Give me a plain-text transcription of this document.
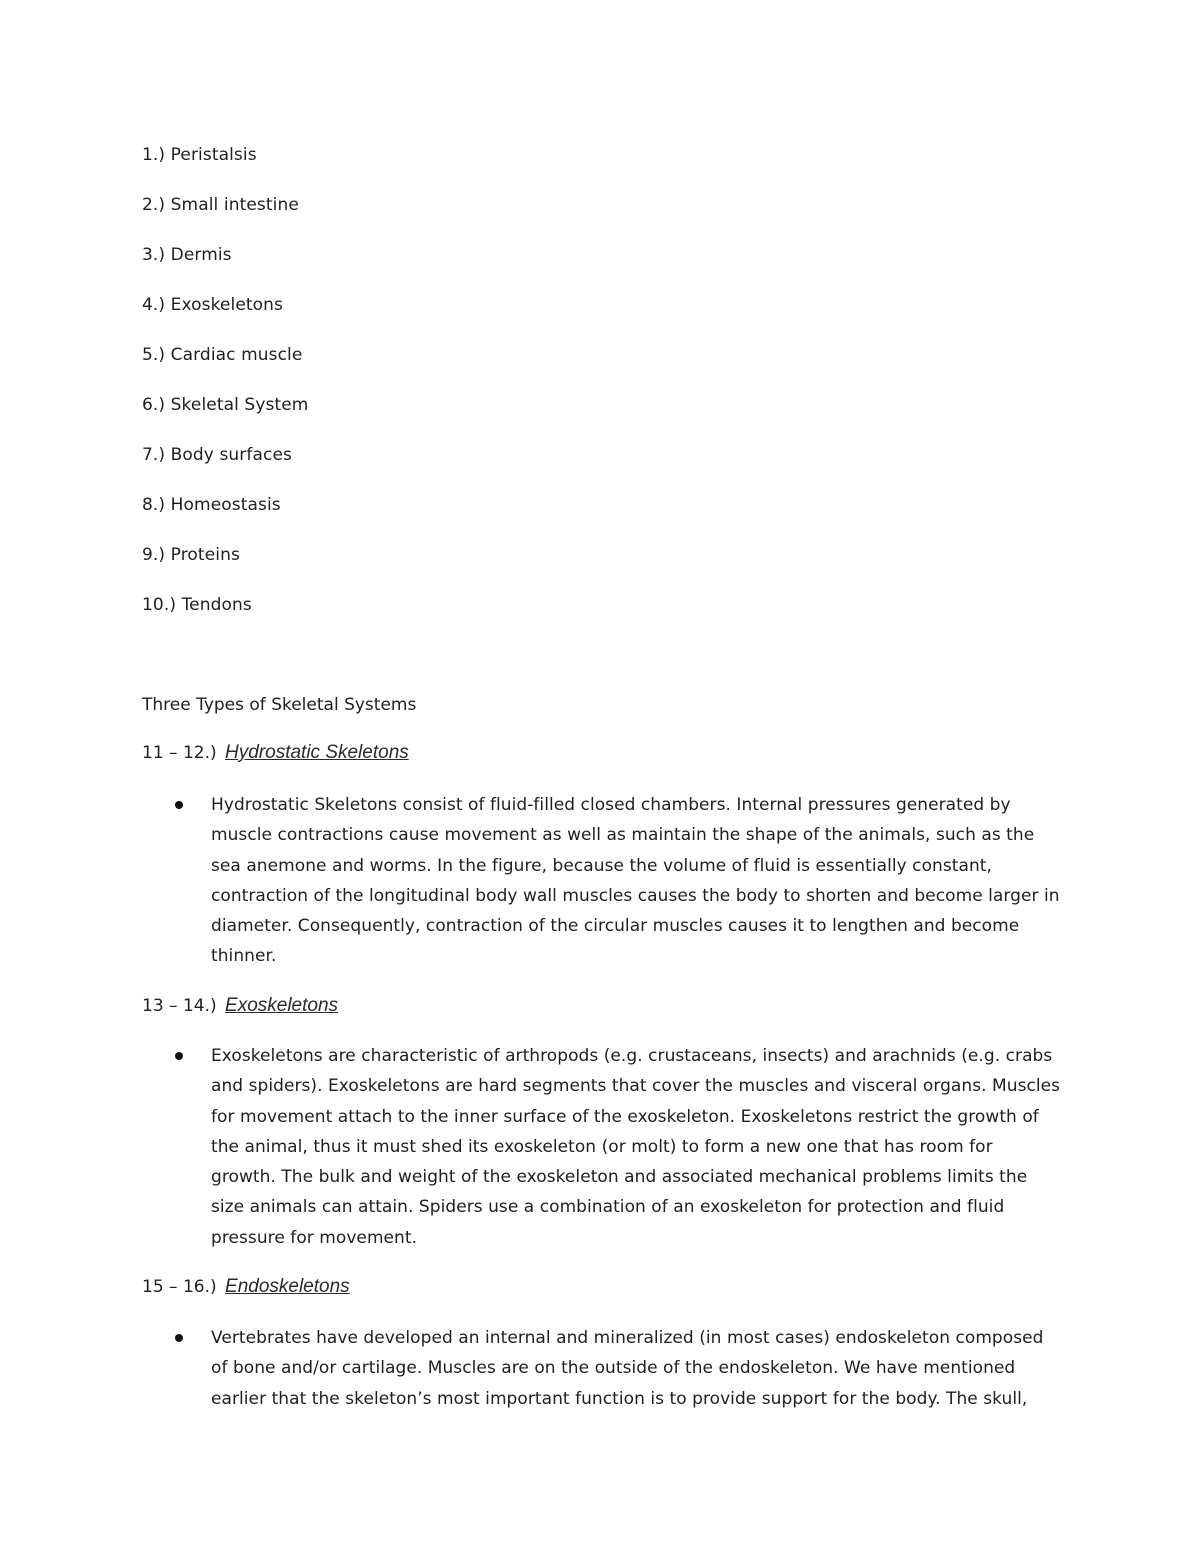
1.) Peristalsis
2.) Small intestine
3.) Dermis
4.) Exoskeletons
5.) Cardiac muscle
6.) Skeletal System
7.) Body surfaces
8.) Homeostasis
9.) Proteins
10.) Tendons
Three Types of Skeletal Systems
11 – 12.) Hydrostatic Skeletons
Hydrostatic Skeletons consist of fluid-filled closed chambers. Internal pressures generated by muscle contractions cause movement as well as maintain the shape of the animals, such as the sea anemone and worms. In the figure, because the volume of fluid is essentially constant, contraction of the longitudinal body wall muscles causes the body to shorten and become larger in diameter. Consequently, contraction of the circular muscles causes it to lengthen and become thinner.
13 – 14.) Exoskeletons
Exoskeletons are characteristic of arthropods (e.g. crustaceans, insects) and arachnids (e.g. crabs and spiders). Exoskeletons are hard segments that cover the muscles and visceral organs. Muscles for movement attach to the inner surface of the exoskeleton. Exoskeletons restrict the growth of the animal, thus it must shed its exoskeleton (or molt) to form a new one that has room for growth. The bulk and weight of the exoskeleton and associated mechanical problems limits the size animals can attain. Spiders use a combination of an exoskeleton for protection and fluid pressure for movement.
15 – 16.) Endoskeletons
Vertebrates have developed an internal and mineralized (in most cases) endoskeleton composed of bone and/or cartilage. Muscles are on the outside of the endoskeleton. We have mentioned earlier that the skeleton’s most important function is to provide support for the body. The skull,
